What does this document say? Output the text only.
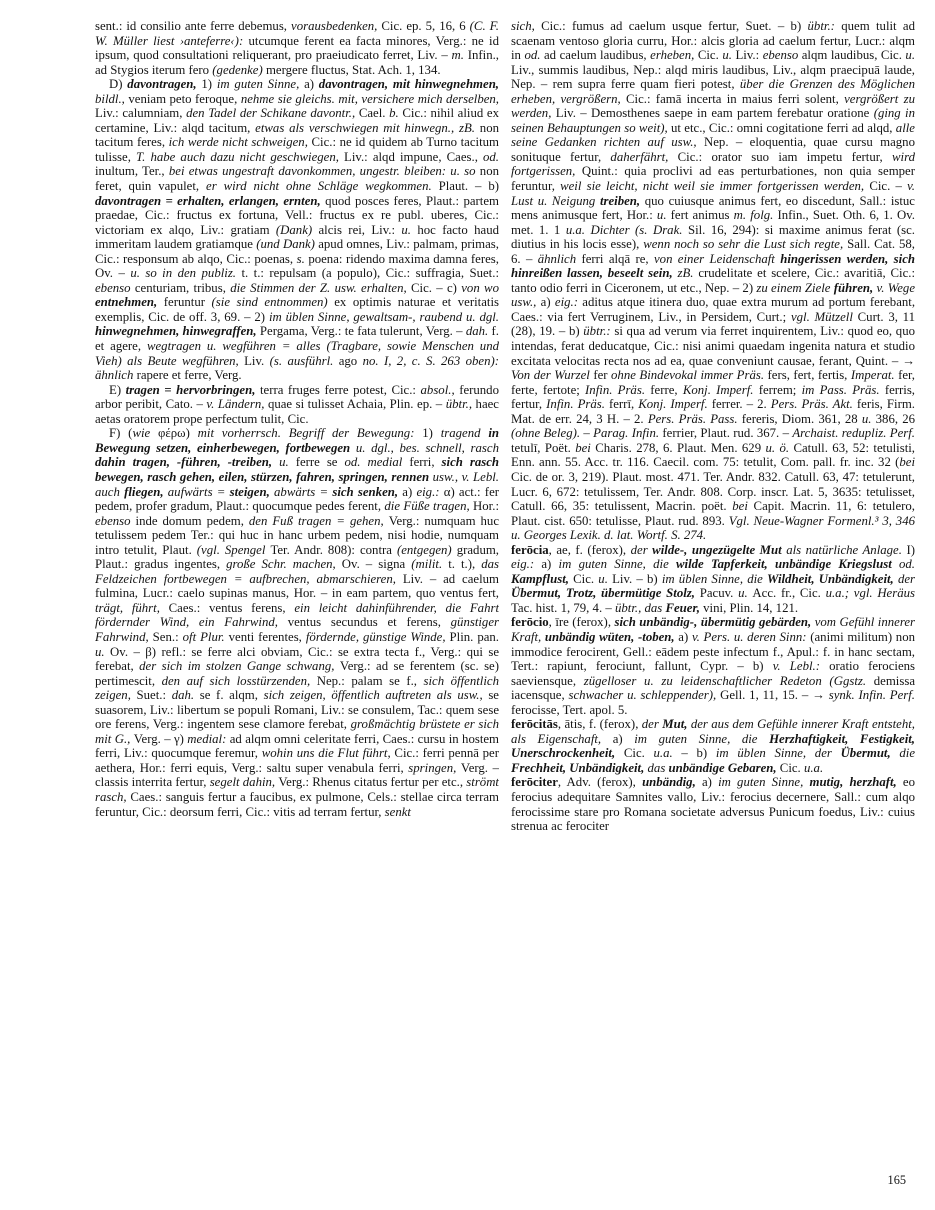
sent.: id consilio ante ferre debemus, vorausbedenken, Cic. ep. 5, 16, 6 (C. F. W. Müller liest ›anteferre‹): utcumque ferent ea facta minores, Verg.: ne id ipsum, quod consultationi reliquerant, pro praeiudicato ferret, Liv. – m. Infin., ad Stygios iterum fero (gedenke) mergere fluctus, Stat. Ach. 1, 134.

D) davontragen, 1) im guten Sinne, a) davontragen, mit hinwegnehmen, bildl., veniam peto feroque, nehme sie gleichs. mit, versichere mich derselben, Liv.: calumniam, den Tadel der Schikane davontr., Cael. b. Cic.: nihil aliud ex certamine, Liv.: alqd tacitum, etwas als verschwiegen mit hinwegn., zB. non tacitum feres, ich werde nicht schweigen, Cic.: ne id quidem ab Turno tacitum tulisse, T. habe auch dazu nicht geschwiegen, Liv.: alqd impune, Caes., od. inultum, Ter., bei etwas ungestraft davonkommen, ungestr. bleiben: u. so non feret, quin vapulet, er wird nicht ohne Schläge wegkommen. Plaut. – b) davontragen = erhalten, erlangen, ernten, quod posces feres, Plaut.: partem praedae, Cic.: fructus ex fortuna, Vell.: fructus ex re publ. uberes, Cic.: victoriam ex alqo, Liv.: gratiam (Dank) alcis rei, Liv.: u. hoc facto haud immeritam laudem gratiamque (und Dank) apud omnes, Liv.: palmam, primas, Cic.: responsum ab alqo, Cic.: poenas, s. poena: ridendo maxima damna feres, Ov. – u. so in den publiz. t. t.: repulsam (a populo), Cic.: suffragia, Suet.: ebenso centuriam, tribus, die Stimmen der Z. usw. erhalten, Cic. – c) von wo entnehmen, feruntur (sie sind entnommen) ex optimis naturae et veritatis exemplis, Cic. de off. 3, 69. – 2) im üblen Sinne, gewaltsam-, raubend u. dgl. hinwegnehmen, hinwegraffen, Pergama, Verg.: te fata tulerunt, Verg. – dah. f. et agere, wegtragen u. wegführen = alles (Tragbare, sowie Menschen und Vieh) als Beute wegführen, Liv. (s. ausführl. ago no. I, 2, c. S. 263 oben): ähnlich rapere et ferre, Verg.

E) tragen = hervorbringen, terra fruges ferre potest, Cic.: absol., ferundo arbor peribit, Cato. – v. Ländern, quae si tulisset Achaia, Plin. ep. – übtr., haec aetas oratorem prope perfectum tulit, Cic.

F) (wie φέρω) mit vorherrsch. Begriff der Bewegung: 1) tragend in Bewegung setzen, einherbewegen, fortbewegen u. dgl., bes. schnell, rasch dahin tragen, -führen, -treiben, u. ferre se od. medial ferri, sich rasch bewegen, rasch gehen, eilen, stürzen, fahren, springen, rennen usw., v. Lebl. auch fliegen, aufwärts = steigen, abwärts = sich senken, a) eig.: α) act.: fer pedem, profer gradum, Plaut.: quocumque pedes ferent, die Füße tragen, Hor.: ebenso inde domum pedem, den Fuß tragen = gehen, Verg.: numquam huc tetulissem pedem Ter.: qui huc in hanc urbem pedem, nisi hodie, numquam intro tetulit, Plaut. (vgl. Spengel Ter. Andr. 808): contra (entgegen) gradum, Plaut.: gradus ingentes, große Schr. machen, Ov. – signa (milit. t. t.), das Feldzeichen fortbewegen = aufbrechen, abmarschieren, Liv. – ad caelum fulmina, Lucr.: caelo supinas manus, Hor. – in eam partem, quo ventus fert, trägt, führt, Caes.: ventus ferens, ein leicht dahinführender, die Fahrt fördernder Wind, ein Fahrwind, ventus secundus et ferens, günstiger Fahrwind, Sen.: oft Plur. venti ferentes, fördernde, günstige Winde, Plin. pan. u. Ov. – β) refl.: se ferre alci obviam, Cic.: se extra tecta f., Verg.: qui se ferebat, der sich im stolzen Gange schwang, Verg.: ad se ferentem (sc. se) pertimescit, den auf sich losstürzenden, Nep.: palam se f., sich öffentlich zeigen, Suet.: dah. se f. alqm, sich zeigen, öffentlich auftreten als usw., se suasorem, Liv.: libertum se populi Romani, Liv.: se consulem, Tac.: quem sese ore ferens, Verg.: ingentem sese clamore ferebat, großmächtig brüstete er sich mit G., Verg. – γ) medial: ad alqm omni celeritate ferri, Caes.: cursu in hostem ferri, Liv.: quocumque feremur, wohin uns die Flut führt, Cic.: ferri pennā per aethera, Hor.: ferri equis, Verg.: saltu super venabula ferri, springen, Verg. – classis interrita fertur, segelt dahin, Verg.: Rhenus citatus fertur per etc., strömt rasch, Caes.: sanguis fertur a faucibus, ex pulmone, Cels.: stellae circa terram feruntur, Cic.: deorsum ferri, Cic.: vitis ad terram fertur, senkt

sich, Cic.: fumus ad caelum usque fertur, Suet. – b) übtr.: quem tulit ad scaenam ventoso gloria curru, Hor.: alcis gloria ad caelum fertur, Lucr.: alqm in od. ad caelum laudibus, erheben, Cic. u. Liv.: ebenso alqm laudibus, Cic. u. Liv., summis laudibus, Nep.: alqd miris laudibus, Liv., alqm praecipuā laude, Nep. – rem supra ferre quam fieri potest, über die Grenzen des Möglichen erheben, vergrößern, Cic.: famā incerta in maius ferri solent, vergrößert zu werden, Liv. – Demosthenes saepe in eam partem ferebatur oratione (ging in seinen Behauptungen so weit), ut etc., Cic.: omni cogitatione ferri ad alqd, alle seine Gedanken richten auf usw., Nep. – eloquentia, quae cursu magno sonituque fertur, daherfährt, Cic.: orator suo iam impetu fertur, wird fortgerissen, Quint.: quia proclivi ad eas perturbationes, non quia semper feruntur, weil sie leicht, nicht weil sie immer fortgerissen werden, Cic. – v. Lust u. Neigung treiben, quo cuiusque animus fert, eo discedunt, Sall.: istuc mens animusque fert, Hor.: u. fert animus m. folg. Infin., Suet. Oth. 6, 1. Ov. met. 1. 1 u.a. Dichter (s. Drak. Sil. 16, 294): si maxime animus ferat (sc. diutius in his locis esse), wenn noch so sehr die Lust sich regte, Sall. Cat. 58, 6. – ähnlich ferri alqā re, von einer Leidenschaft hingerissen werden, sich hinreißen lassen, beseelt sein, zB. crudelitate et scelere, Cic.: avaritiā, Cic.: tanto odio ferri in Ciceronem, ut etc., Nep. – 2) zu einem Ziele führen, v. Wege usw., a) eig.: aditus atque itinera duo, quae extra murum ad portum ferebant, Caes.: via fert Verruginem, Liv., in Persidem, Curt.; vgl. Mützell Curt. 3, 11 (28), 19. – b) übtr.: si qua ad verum via ferret inquirentem, Liv.: quod eo, quo intendas, ferat deducatque, Cic.: nisi animi quaedam ingenita natura et studio excitata velocitas recta nos ad ea, quae conveniunt causae, ferant, Quint. – → Von der Wurzel fer ohne Bindevokal immer Präs. fers, fert, fertis, Imperat. fer, ferte, fertote; Infin. Präs. ferre, Konj. Imperf. ferrem; im Pass. Präs. ferris, fertur, Infin. Präs. ferrī, Konj. Imperf. ferrer. – 2. Pers. Präs. Akt. feris, Firm. Mat. de err. 24, 3 H. – 2. Pers. Präs. Pass. fereris, Diom. 361, 28 u. 386, 26 (ohne Beleg). – Parag. Infin. ferrier, Plaut. rud. 367. – Archaist. redupliz. Perf. tetulī, Poët. bei Charis. 278, 6. Plaut. Men. 629 u. ö. Catull. 63, 52: tetulisti, Enn. ann. 55. Acc. tr. 116. Caecil. com. 75: tetulit, Com. pall. fr. inc. 32 (bei Cic. de or. 3, 219). Plaut. most. 471. Ter. Andr. 832. Catull. 63, 47: tetulerunt, Lucr. 6, 672: tetulissem, Ter. Andr. 808. Corp. inscr. Lat. 5, 3635: tetulisset, Catull. 66, 35: tetulissent, Macrin. poët. bei Capit. Macrin. 11, 6: tetulero, Plaut. cist. 650: tetulisse, Plaut. rud. 893. Vgl. Neue-Wagner Formenl.³ 3, 346 u. Georges Lexik. d. lat. Wortf. S. 274.

ferōcia, ae, f. (ferox), der wilde-, ungezügelte Mut als natürliche Anlage. I) eig.: a) im guten Sinne, die wilde Tapferkeit, unbändige Kriegslust od. Kampflust, Cic. u. Liv. – b) im üblen Sinne, die Wildheit, Unbändigkeit, der Übermut, Trotz, übermütige Stolz, Pacuv. u. Acc. fr., Cic. u.a.; vgl. Heräus Tac. hist. 1, 79, 4. – übtr., das Feuer, vini, Plin. 14, 121.

ferōcio, īre (ferox), sich unbändig-, übermütig gebärden, vom Gefühl innerer Kraft, unbändig wüten, -toben, a) v. Pers. u. deren Sinn: (animi militum) non immodice ferocirent, Gell.: eādem peste infectum f., Apul.: f. in hanc sectam, Tert.: rapiunt, ferociunt, fallunt, Cypr. – b) v. Lebl.: oratio ferociens saeviensque, zügelloser u. zu leidenschaftlicher Redeton (Ggstz. demissa iacensque, schwacher u. schleppender), Gell. 1, 11, 15. – → synk. Infin. Perf. ferocisse, Tert. apol. 5.

ferōcitās, ātis, f. (ferox), der Mut, der aus dem Gefühle innerer Kraft entsteht, als Eigenschaft, a) im guten Sinne, die Herzhaftigkeit, Festigkeit, Unerschrockenheit, Cic. u.a. – b) im üblen Sinne, der Übermut, die Frechheit, Unbändigkeit, das unbändige Gebaren, Cic. u.a.

ferōciter, Adv. (ferox), unbändig, a) im guten Sinne, mutig, herzhaft, eo ferocius adequitare Samnites vallo, Liv.: ferocius decernere, Sall.: cum alqo ferocissime stare pro Romana societate adversus Punicum foedus, Liv.: cuius strenua ac ferociter

165
